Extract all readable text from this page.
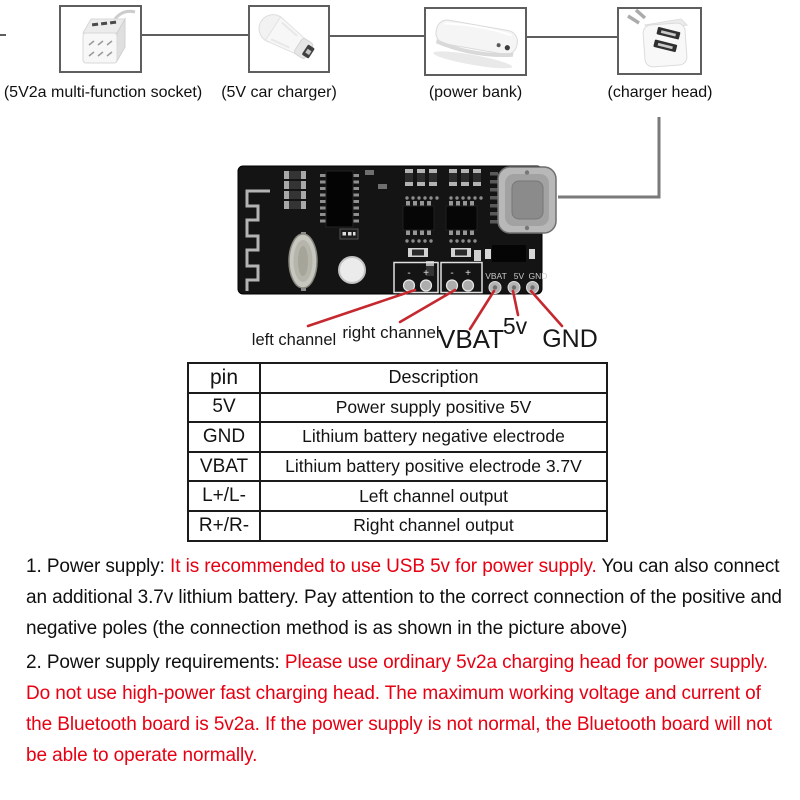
(5V2a multi-function socket)	(5V car charger)	(power bank)	(charger head)
- + - + VBAT 5V GND
left channel right channel
VBAT
5v GND
pin	Description
5V	Power supply positive 5V
GND	Lithium battery negative electrode
VBAT	Lithium battery positive electrode 3.7V
L+/L-	Left channel output
R+/R-	Right channel output

1. Power supply: It is recommended to use USB 5v for power supply. You can also connect an additional 3.7v lithium battery. Pay attention to the correct connection of the positive and negative poles (the connection method is as shown in the picture above)

2. Power supply requirements: Please use ordinary 5v2a charging head for power supply. Do not use high-power fast charging head. The maximum working voltage and current of the Bluetooth board is 5v2a. If the power supply is not normal, the Bluetooth board will not be able to operate normally.
